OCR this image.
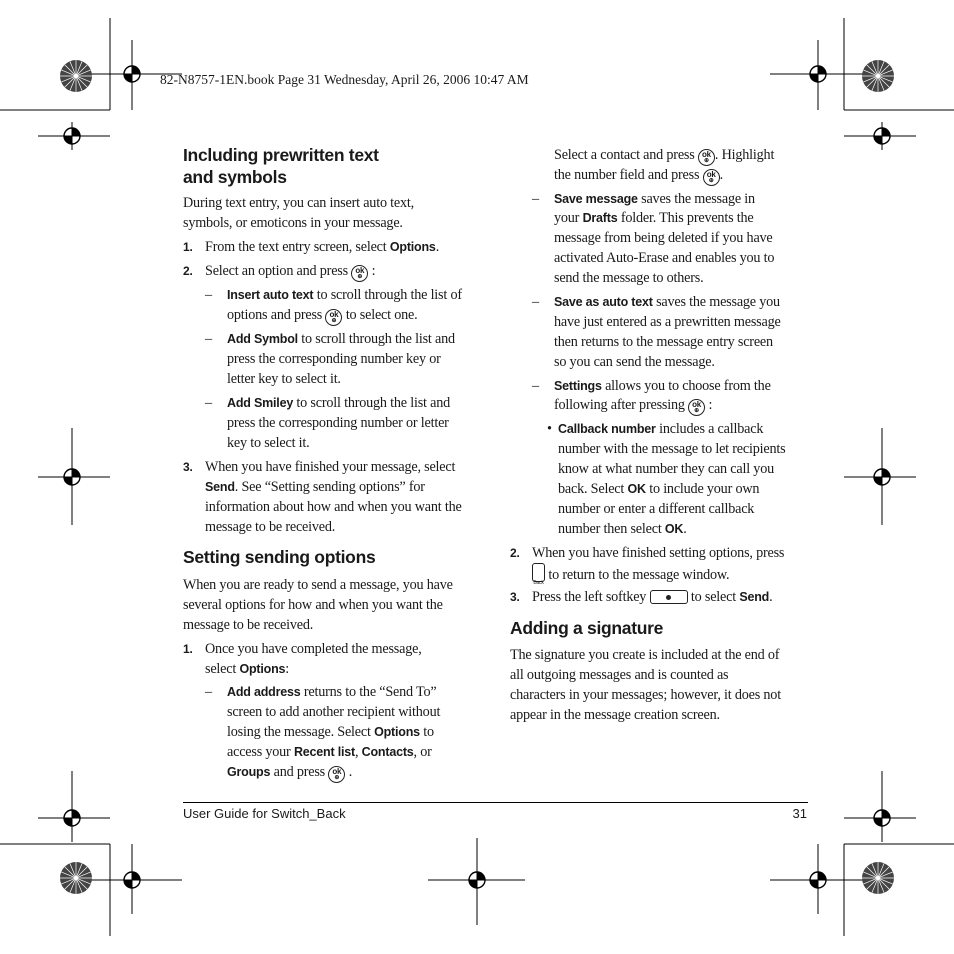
82-N8757-1EN.book Page 31 Wednesday, April 26, 2006 10:47 AM
Including prewritten text
and symbols
During text entry, you can insert auto text,
symbols, or emoticons in your message.
1. From the text entry screen, select Options.
2. Select an option and press ok
⊕ :
– Insert auto text to scroll through the list of
options and press ok
⊕ to select one.
– Add Symbol to scroll through the list and
press the corresponding number key or
letter key to select it.
– Add Smiley to scroll through the list and
press the corresponding number or letter
key to select it.
3. When you have finished your message, select
Send. See “Setting sending options” for
information about how and when you want the
message to be received.
Setting sending options
When you are ready to send a message, you have
several options for how and when you want the
message to be received.
1. Once you have completed the message,
select Options:
– Add address returns to the “Send To”
screen to add another recipient without
losing the message. Select Options to
access your Recent list, Contacts, or
Groups and press ok
⊕ .
Select a contact and press ok
⊕ . Highlight
the number field and press ok
⊕ .
– Save message saves the message in
your Drafts folder. This prevents the
message from being deleted if you have
activated Auto-Erase and enables you to
send the message to others.
– Save as auto text saves the message you
have just entered as a prewritten message
then returns to the message entry screen
so you can send the message.
– Settings allows you to choose from the
following after pressing ok
⊕ :
• Callback number includes a callback
number with the message to let recipients
know at what number they can call you
back. Select OK to include your own
number or enter a different callback
number then select OK.
2. When you have finished setting options, press
Back to return to the message window.
3. Press the left softkey	to select Send.
Adding a signature
The signature you create is included at the end of
all outgoing messages and is counted as
characters in your messages; however, it does not
appear in the message creation screen.
User Guide for Switch_Back	31
